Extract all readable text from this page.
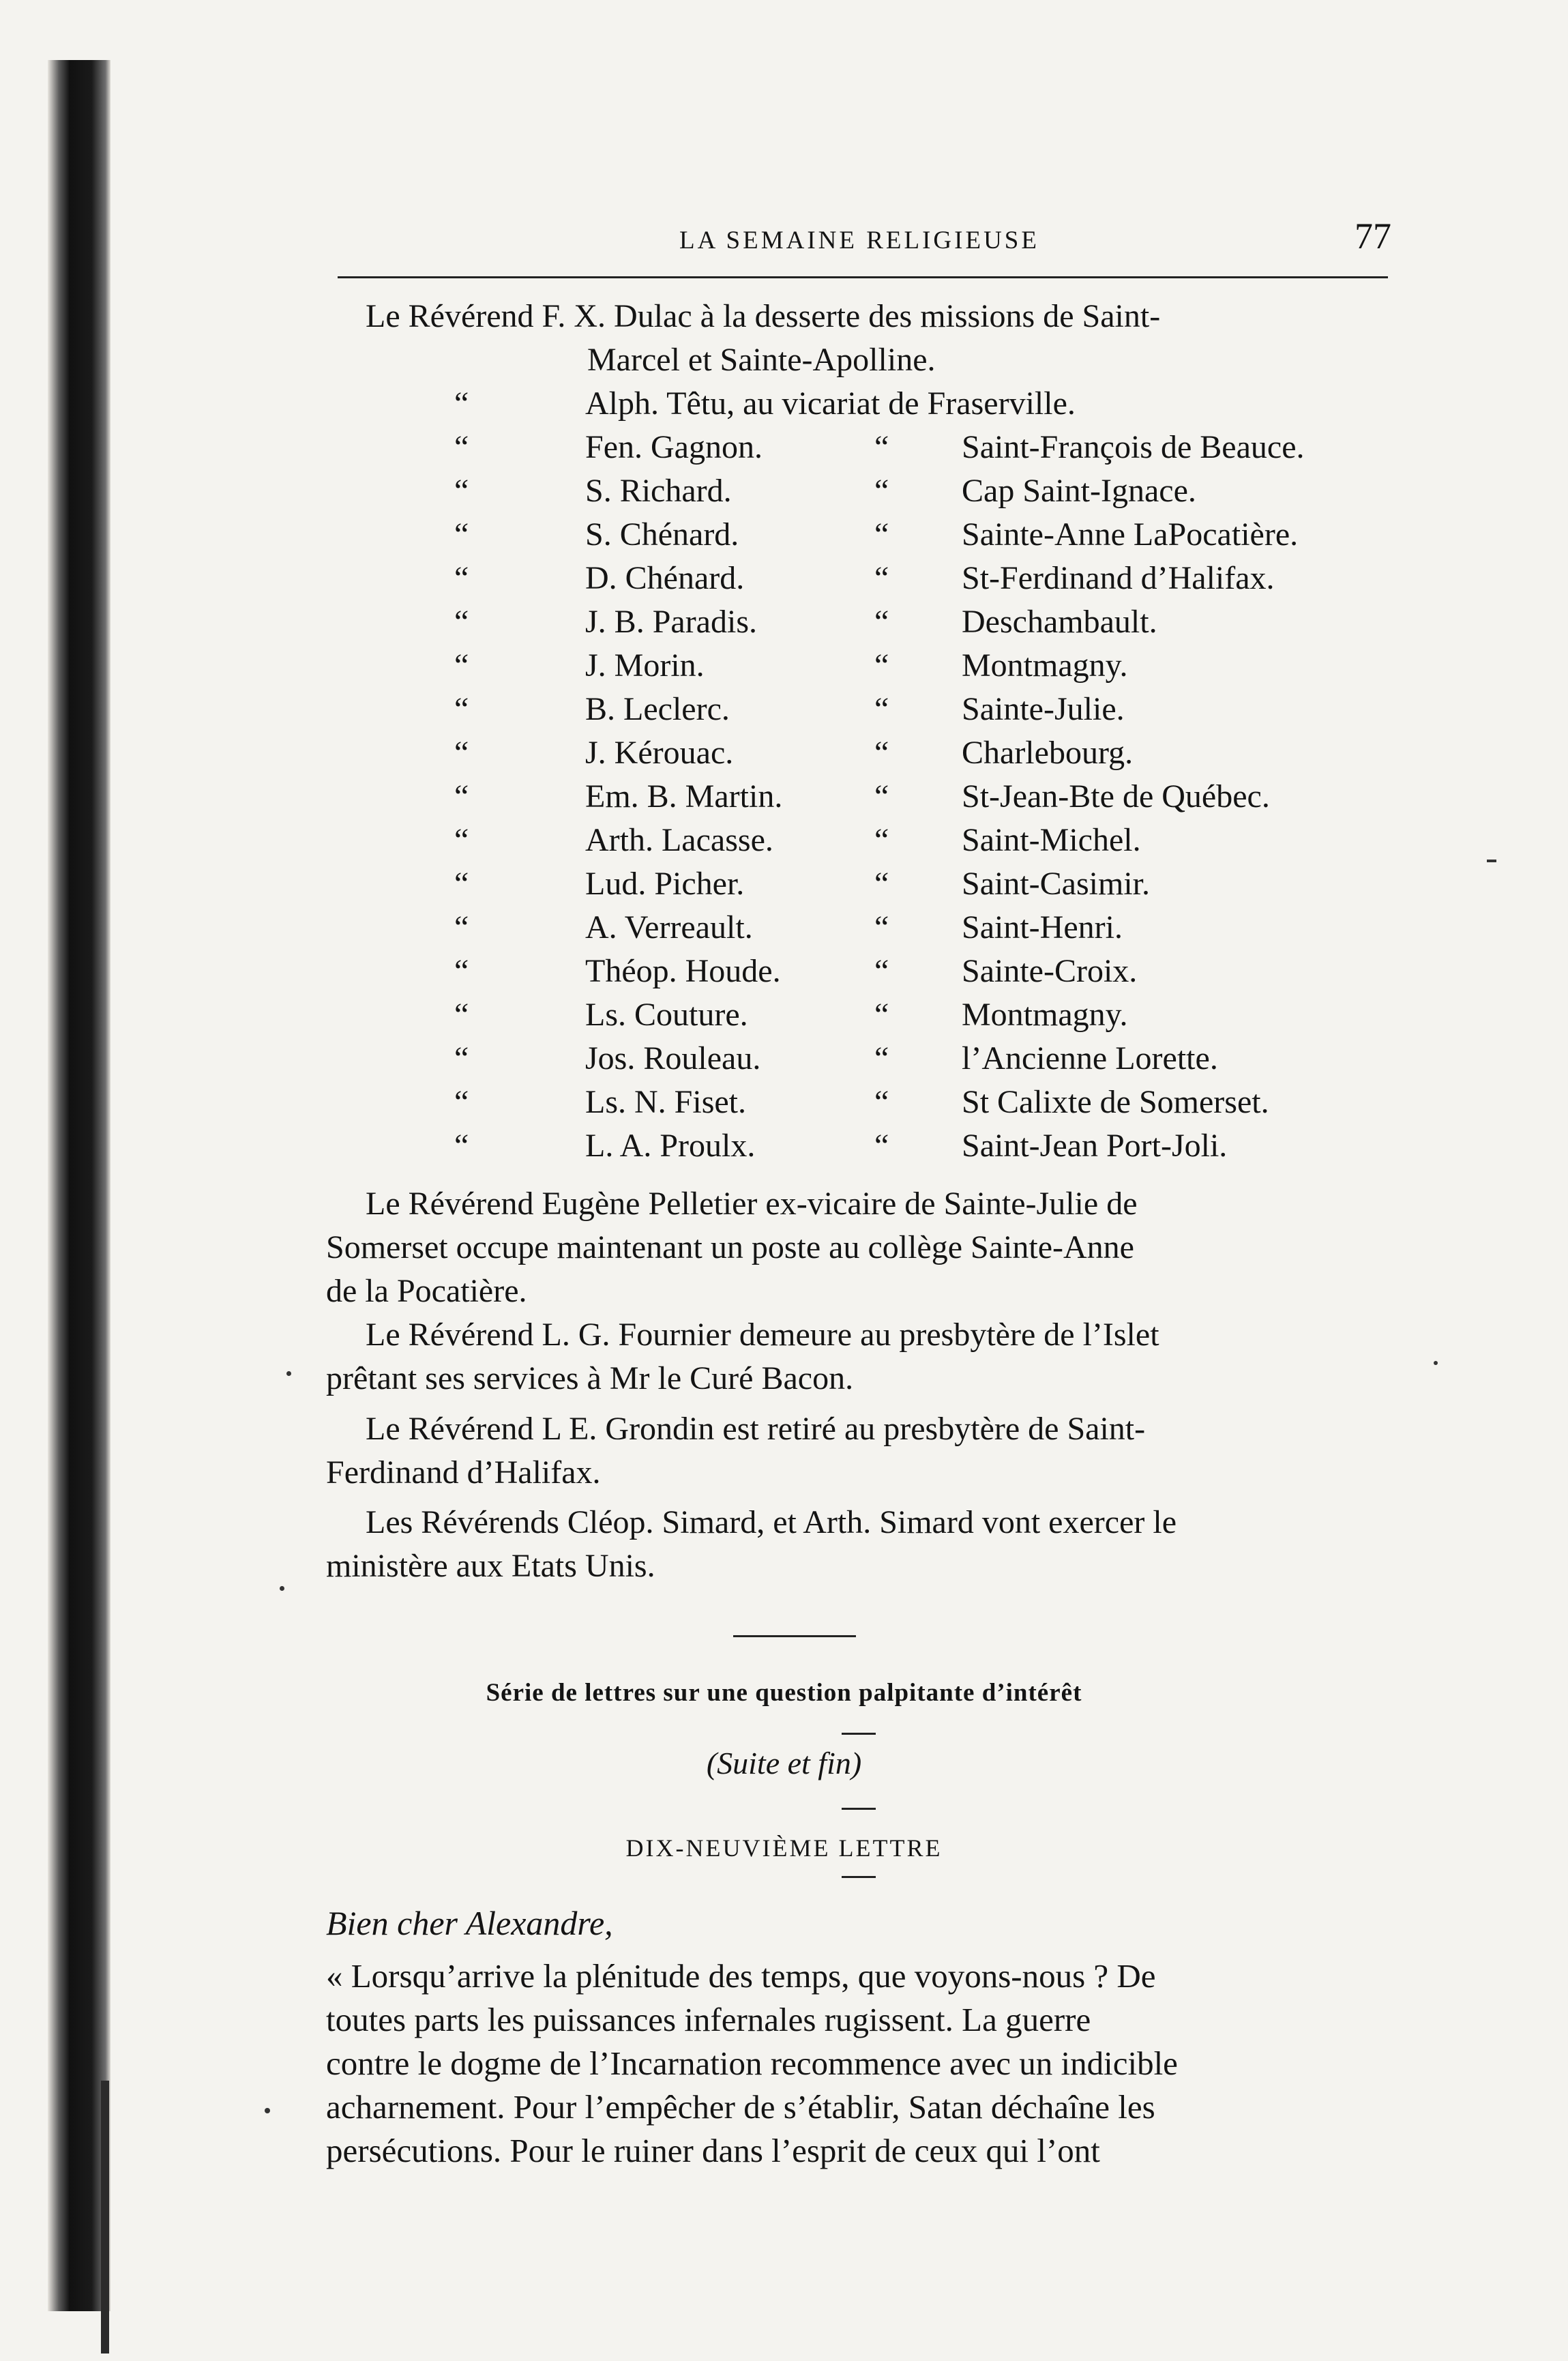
LA SEMAINE RELIGIEUSE	77
Le Révérend F. X. Dulac à la desserte des missions de Saint-
Marcel et Sainte-Apolline.
“	Alph. Têtu, au vicariat de Fraserville.
“	Fen. Gagnon.	“ Saint-François de Beauce.
“	S. Richard.	“ Cap Saint-Ignace.
“	S. Chénard.	“ Sainte-Anne LaPocatière.
“	D. Chénard.	“ St-Ferdinand d’Halifax.
“	J. B. Paradis.	“ Deschambault.
“	J. Morin.	“ Montmagny.
“	B. Leclerc.	“ Sainte-Julie.
“	J. Kérouac.	“ Charlebourg.
“	Em. B. Martin.	“ St-Jean-Bte de Québec.
“	Arth. Lacasse.	“ Saint-Michel.
“	Lud. Picher.	“ Saint-Casimir.
“	A. Verreault.	“ Saint-Henri.
“	Théop. Houde.	“ Sainte-Croix.
“	Ls. Couture.	“ Montmagny.
“	Jos. Rouleau.	“ l’Ancienne Lorette.
“	Ls. N. Fiset.	“ St Calixte de Somerset.
“	L. A. Proulx.	“ Saint-Jean Port-Joli.
Le Révérend Eugène Pelletier ex-vicaire de Sainte-Julie de
Somerset occupe maintenant un poste au collège Sainte-Anne
de la Pocatière.
Le Révérend L. G. Fournier demeure au presbytère de l’Islet
prêtant ses services à Mr le Curé Bacon.
Le Révérend L E. Grondin est retiré au presbytère de Saint-
Ferdinand d’Halifax.
Les Révérends Cléop. Simard, et Arth. Simard vont exercer le
ministère aux Etats Unis.
Série de lettres sur une question palpitante d’intérêt
(Suite et fin)
DIX-NEUVIÈME LETTRE
Bien cher Alexandre,
« Lorsqu’arrive la plénitude des temps, que voyons-nous ? De
toutes parts les puissances infernales rugissent. La guerre
contre le dogme de l’Incarnation recommence avec un indicible
acharnement. Pour l’empêcher de s’établir, Satan déchaîne les
persécutions. Pour le ruiner dans l’esprit de ceux qui l’ont
